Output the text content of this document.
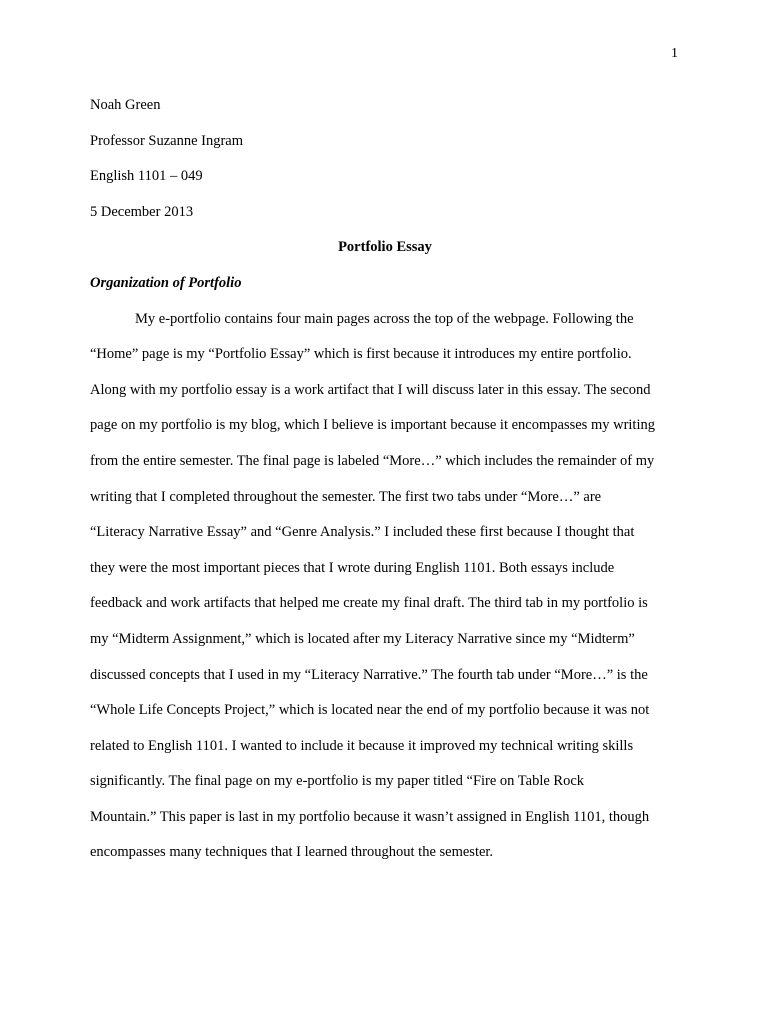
1

Noah Green

Professor Suzanne Ingram

English 1101 – 049

5 December 2013

Portfolio Essay

Organization of Portfolio

My e-portfolio contains four main pages across the top of the webpage. Following the

“Home” page is my “Portfolio Essay” which is first because it introduces my entire portfolio.

Along with my portfolio essay is a work artifact that I will discuss later in this essay. The second

page on my portfolio is my blog, which I believe is important because it encompasses my writing

from the entire semester. The final page is labeled “More…” which includes the remainder of my

writing that I completed throughout the semester. The first two tabs under “More…” are

“Literacy Narrative Essay” and “Genre Analysis.” I included these first because I thought that

they were the most important pieces that I wrote during English 1101. Both essays include

feedback and work artifacts that helped me create my final draft. The third tab in my portfolio is

my “Midterm Assignment,” which is located after my Literacy Narrative since my “Midterm”

discussed concepts that I used in my “Literacy Narrative.” The fourth tab under “More…” is the

“Whole Life Concepts Project,” which is located near the end of my portfolio because it was not

related to English 1101. I wanted to include it because it improved my technical writing skills

significantly. The final page on my e-portfolio is my paper titled “Fire on Table Rock

Mountain.” This paper is last in my portfolio because it wasn’t assigned in English 1101, though

encompasses many techniques that I learned throughout the semester.
